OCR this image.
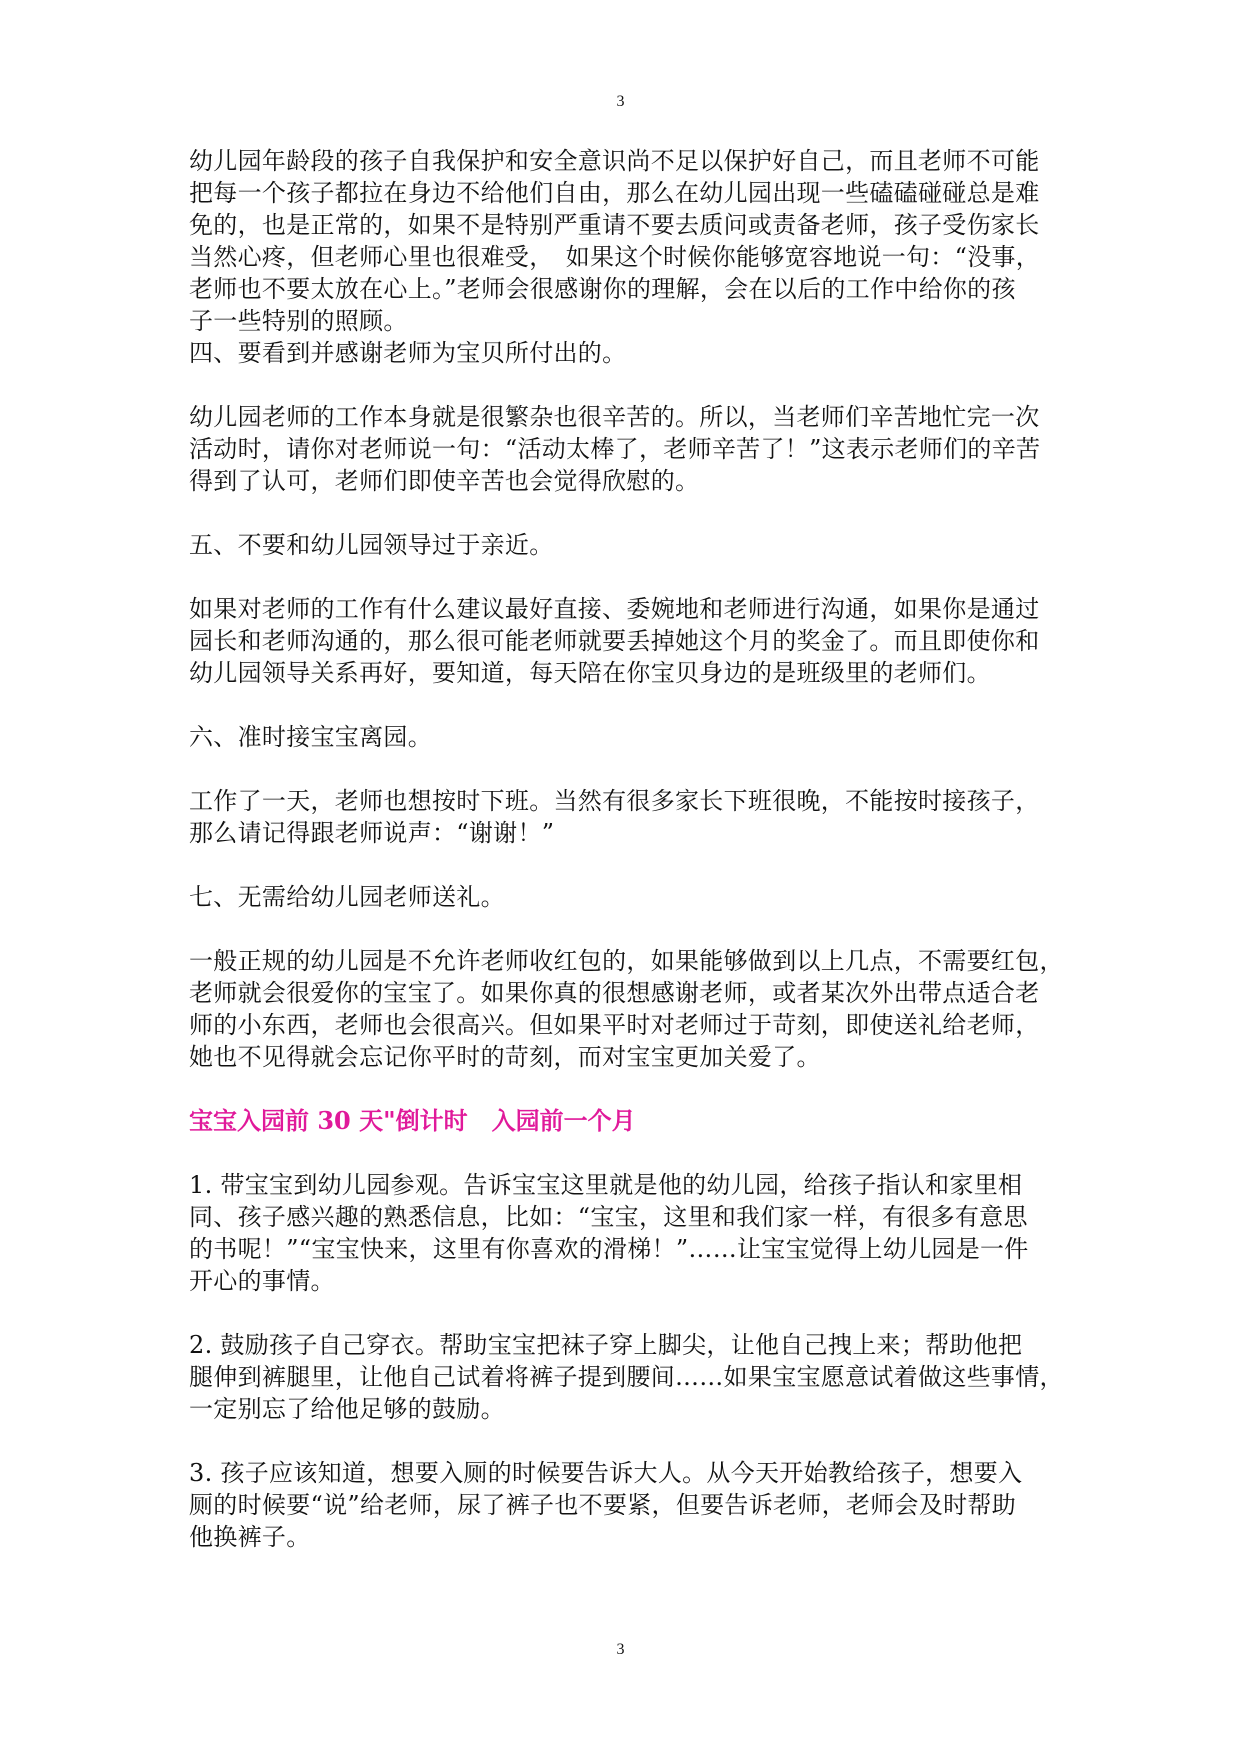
3

幼儿园年龄段的孩子自我保护和安全意识尚不足以保护好自己，而且老师不可能
把每一个孩子都拉在身边不给他们自由，那么在幼儿园出现一些磕磕碰碰总是难
免的，也是正常的，如果不是特别严重请不要去质问或责备老师，孩子受伤家长
当然心疼，但老师心里也很难受，　如果这个时候你能够宽容地说一句：“没事，
老师也不要太放在心上。”老师会很感谢你的理解，会在以后的工作中给你的孩
子一些特别的照顾。

四、要看到并感谢老师为宝贝所付出的。

幼儿园老师的工作本身就是很繁杂也很辛苦的。所以，当老师们辛苦地忙完一次
活动时，请你对老师说一句：“活动太棒了，老师辛苦了！”这表示老师们的辛苦
得到了认可，老师们即使辛苦也会觉得欣慰的。

五、不要和幼儿园领导过于亲近。

如果对老师的工作有什么建议最好直接、委婉地和老师进行沟通，如果你是通过
园长和老师沟通的，那么很可能老师就要丢掉她这个月的奖金了。而且即使你和
幼儿园领导关系再好，要知道，每天陪在你宝贝身边的是班级里的老师们。

六、准时接宝宝离园。

工作了一天，老师也想按时下班。当然有很多家长下班很晚，不能按时接孩子，
那么请记得跟老师说声：“谢谢！”

七、无需给幼儿园老师送礼。

一般正规的幼儿园是不允许老师收红包的，如果能够做到以上几点，不需要红包，
老师就会很爱你的宝宝了。如果你真的很想感谢老师，或者某次外出带点适合老
师的小东西，老师也会很高兴。但如果平时对老师过于苛刻，即使送礼给老师，
她也不见得就会忘记你平时的苛刻，而对宝宝更加关爱了。

宝宝入园前 30 天"倒计时　入园前一个月

1. 带宝宝到幼儿园参观。告诉宝宝这里就是他的幼儿园，给孩子指认和家里相
同、孩子感兴趣的熟悉信息，比如：“宝宝，这里和我们家一样，有很多有意思
的书呢！”“宝宝快来，这里有你喜欢的滑梯！”……让宝宝觉得上幼儿园是一件
开心的事情。

2. 鼓励孩子自己穿衣。帮助宝宝把袜子穿上脚尖，让他自己拽上来；帮助他把
腿伸到裤腿里，让他自己试着将裤子提到腰间……如果宝宝愿意试着做这些事情，
一定别忘了给他足够的鼓励。

3. 孩子应该知道，想要入厕的时候要告诉大人。从今天开始教给孩子，想要入
厕的时候要“说”给老师，尿了裤子也不要紧，但要告诉老师，老师会及时帮助
他换裤子。

3
